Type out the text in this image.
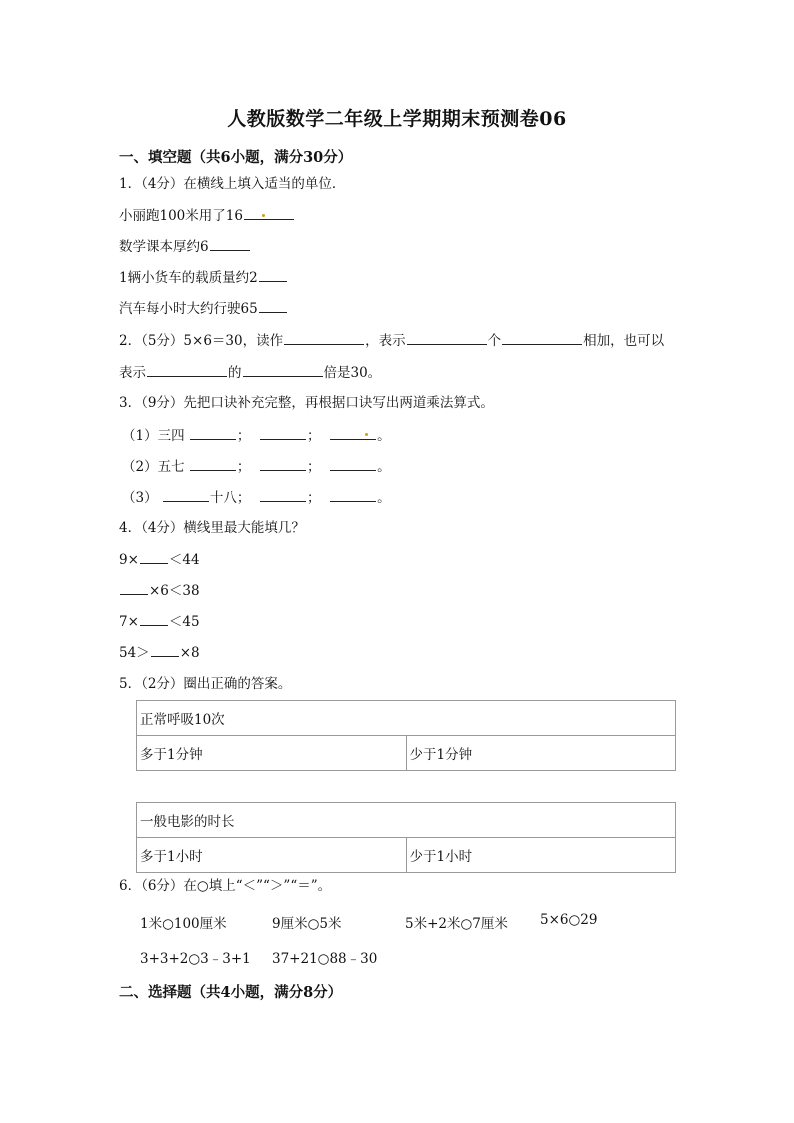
人教版数学二年级上学期期末预测卷06
一、填空题（共6小题，满分30分）
1．（4分）在横线上填入适当的单位．
小丽跑100米用了16
数学课本厚约6
1辆小货车的载质量约2
汽车每小时大约行驶65
2．（5分）5×6＝30，读作	，表示	个	相加，也可以
表示	的	倍是30。
3．（9分）先把口诀补充完整，再根据口诀写出两道乘法算式。
（1）三四	；	；	。
（2）五七	；	；	。
（3）	十八；	；	。
4．（4分）横线里最大能填几？
9× ＜44
×6＜38
7× ＜45
54＞ ×8
5．（2分）圈出正确的答案。
正常呼吸10次
多于1分钟	少于1分钟
一般电影的时长
多于1小时	少于1小时
6．（6分）在○填上“＜”“＞”“＝”。
1米○100厘米	9厘米○5米	5米+2米○7厘米 5×6○29
3+3+2○3﹣3+1 37+21○88﹣30
二、选择题（共4小题，满分8分）
